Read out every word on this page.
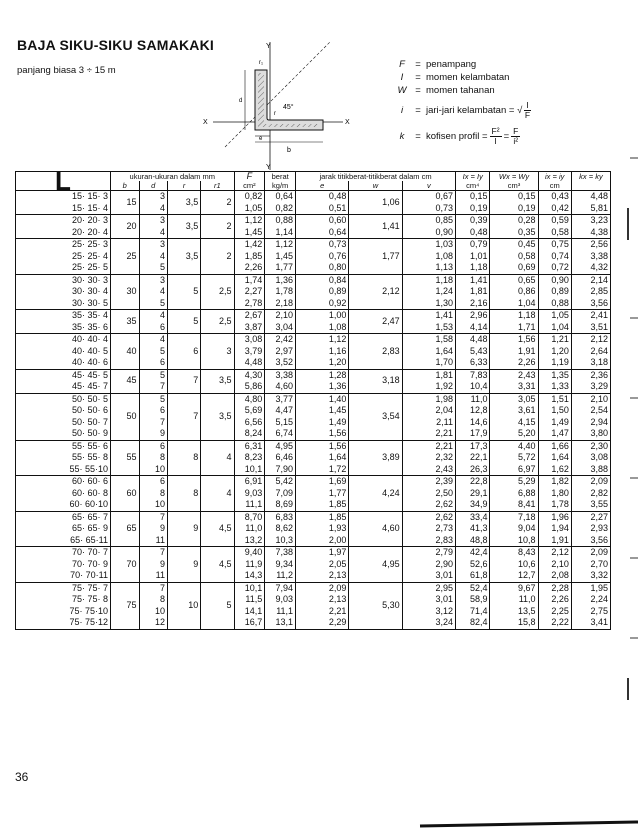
BAJA SIKU-SIKU SAMAKAKI
panjang biasa 3 ÷ 15 m
Y
Y
X	X
r₁
45°
r
d
e
b
F	= penampang
I	= momen kelambatan
W = momen tahanan
i	= jari-jari kelambatan = √ $\frac{I}{F}$
k	= kofisen profil = $\frac{\text{F²}}{I} = \frac{F}{\text{i²}}$
L	ukuran-ukuran dalam mm				F	berat	jarak titikberat-titikberat dalam cm			Ix = Iy	Wx = Wy	ix = iy	kx = ky
	b	d	r	r1	cm²	kg/m	e	w	v	cm⁴	cm³	cm	
15· 15· 3	15	3	3,5	2	0,82	0,64	0,48	1,06	0,67	0,15	0,15	0,43	4,48
15· 15· 4		4			1,05	0,82	0,51		0,73	0,19	0,19	0,42	5,81
20· 20· 3	20	3	3,5	2	1,12	0,88	0,60	1,41	0,85	0,39	0,28	0,59	3,23
20· 20· 4		4			1,45	1,14	0,64		0,90	0,48	0,35	0,58	4,38
25· 25· 3	25	3	3,5	2	1,42	1,12	0,73	1,77	1,03	0,79	0,45	0,75	2,56
25· 25· 4		4			1,85	1,45	0,76		1,08	1,01	0,58	0,74	3,38
25· 25· 5		5			2,26	1,77	0,80		1,13	1,18	0,69	0,72	4,32
30· 30· 3	30	3	5	2,5	1,74	1,36	0,84	2,12	1,18	1,41	0,65	0,90	2,14
30· 30· 4		4			2,27	1,78	0,89		1,24	1,81	0,86	0,89	2,85
30· 30· 5		5			2,78	2,18	0,92		1,30	2,16	1,04	0,88	3,56
35· 35· 4	35	4	5	2,5	2,67	2,10	1,00	2,47	1,41	2,96	1,18	1,05	2,41
35· 35· 6		6			3,87	3,04	1,08		1,53	4,14	1,71	1,04	3,51
40· 40· 4	40	4	6	3	3,08	2,42	1,12	2,83	1,58	4,48	1,56	1,21	2,12
40· 40· 5		5			3,79	2,97	1,16		1,64	5,43	1,91	1,20	2,64
40· 40· 6		6			4,48	3,52	1,20		1,70	6,33	2,26	1,19	3,18
45· 45· 5	45	5	7	3,5	4,30	3,38	1,28	3,18	1,81	7,83	2,43	1,35	2,36
45· 45· 7		7			5,86	4,60	1,36		1,92	10,4	3,31	1,33	3,29
50· 50· 5	50	5	7	3,5	4,80	3,77	1,40	3,54	1,98	11,0	3,05	1,51	2,10
50· 50· 6		6			5,69	4,47	1,45		2,04	12,8	3,61	1,50	2,54
50· 50· 7		7			6,56	5,15	1,49		2,11	14,6	4,15	1,49	2,94
50· 50· 9		9			8,24	6,74	1,56		2,21	17,9	5,20	1,47	3,80
55· 55· 6	55	6	8	4	6,31	4,95	1,56	3,89	2,21	17,3	4,40	1,66	2,30
55· 55· 8		8			8,23	6,46	1,64		2,32	22,1	5,72	1,64	3,08
55· 55·10		10			10,1	7,90	1,72		2,43	26,3	6,97	1,62	3,88
60· 60· 6	60	6	8	4	6,91	5,42	1,69	4,24	2,39	22,8	5,29	1,82	2,09
60· 60· 8		8			9,03	7,09	1,77		2,50	29,1	6,88	1,80	2,82
60· 60·10		10			11,1	8,69	1,85		2,62	34,9	8,41	1,78	3,55
65· 65· 7	65	7	9	4,5	8,70	6,83	1,85	4,60	2,62	33,4	7,18	1,96	2,27
65· 65· 9		9			11,0	8,62	1,93		2,73	41,3	9,04	1,94	2,93
65· 65·11		11			13,2	10,3	2,00		2,83	48,8	10,8	1,91	3,56
70· 70· 7	70	7	9	4,5	9,40	7,38	1,97	4,95	2,79	42,4	8,43	2,12	2,09
70· 70· 9		9			11,9	9,34	2,05		2,90	52,6	10,6	2,10	2,70
70· 70·11		11			14,3	11,2	2,13		3,01	61,8	12,7	2,08	3,32
75· 75· 7	75	7	10	5	10,1	7,94	2,09	5,30	2,95	52,4	9,67	2,28	1,95
75· 75· 8		8			11,5	9,03	2,13		3,01	58,9	11,0	2,26	2,24
75· 75·10		10			14,1	11,1	2,21		3,12	71,4	13,5	2,25	2,75
75· 75·12		12			16,7	13,1	2,29		3,24	82,4	15,8	2,22	3,41
36
